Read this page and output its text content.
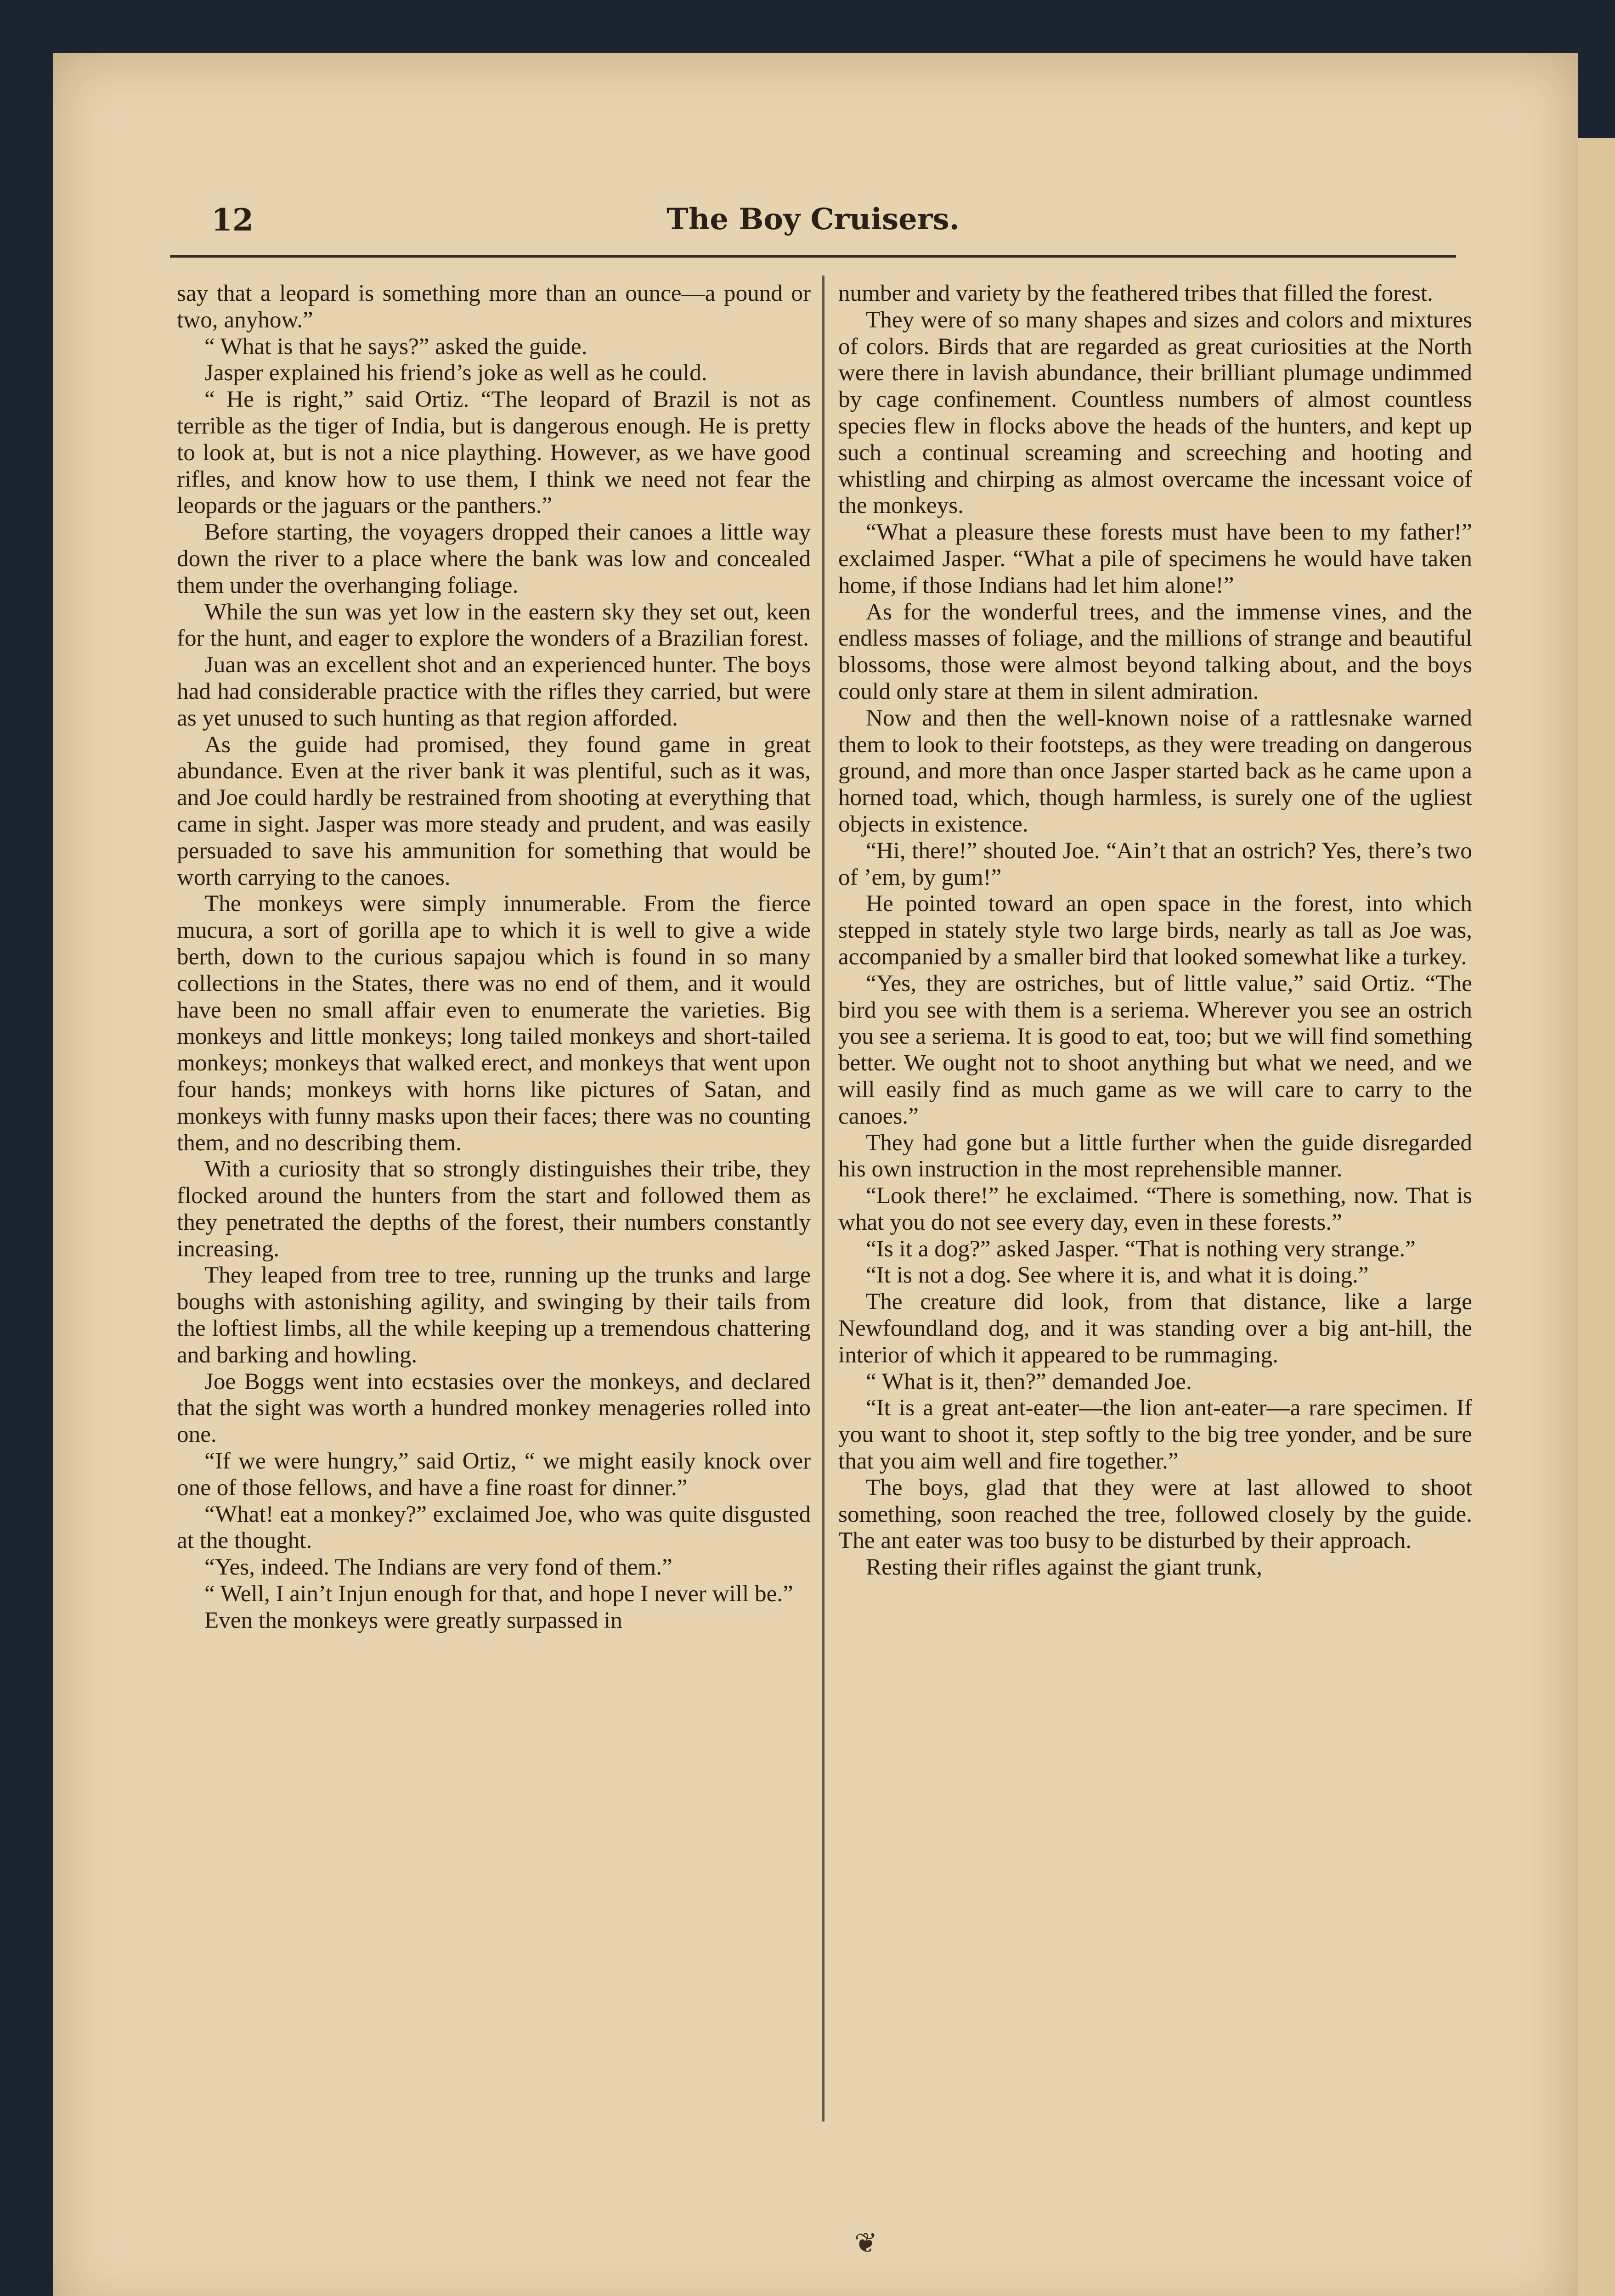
12	The Boy Cruisers.

say that a leopard is something more than an ounce—a pound or two, anyhow.”

“ What is that he says?” asked the guide.

Jasper explained his friend’s joke as well as he could.

“ He is right,” said Ortiz. “The leopard of Brazil is not as terrible as the tiger of India, but is dangerous enough. He is pretty to look at, but is not a nice plaything. However, as we have good rifles, and know how to use them, I think we need not fear the leopards or the jaguars or the panthers.”

Before starting, the voyagers dropped their canoes a little way down the river to a place where the bank was low and concealed them under the overhanging foliage.

While the sun was yet low in the eastern sky they set out, keen for the hunt, and eager to explore the wonders of a Brazilian forest.

Juan was an excellent shot and an experienced hunter. The boys had had considerable practice with the rifles they carried, but were as yet unused to such hunting as that region afforded.

As the guide had promised, they found game in great abundance. Even at the river bank it was plentiful, such as it was, and Joe could hardly be restrained from shooting at everything that came in sight. Jasper was more steady and prudent, and was easily persuaded to save his ammunition for something that would be worth carrying to the canoes.

The monkeys were simply innumerable. From the fierce mucura, a sort of gorilla ape to which it is well to give a wide berth, down to the curious sapajou which is found in so many collections in the States, there was no end of them, and it would have been no small affair even to enumerate the varieties. Big monkeys and little monkeys; long tailed monkeys and short-tailed monkeys; monkeys that walked erect, and monkeys that went upon four hands; monkeys with horns like pictures of Satan, and monkeys with funny masks upon their faces; there was no counting them, and no describing them.

With a curiosity that so strongly distinguishes their tribe, they flocked around the hunters from the start and followed them as they penetrated the depths of the forest, their numbers constantly increasing.

They leaped from tree to tree, running up the trunks and large boughs with astonishing agility, and swinging by their tails from the loftiest limbs, all the while keeping up a tremendous chattering and barking and howling.

Joe Boggs went into ecstasies over the monkeys, and declared that the sight was worth a hundred monkey menageries rolled into one.

“If we were hungry,” said Ortiz, “ we might easily knock over one of those fellows, and have a fine roast for dinner.”

“What! eat a monkey?” exclaimed Joe, who was quite disgusted at the thought.

“Yes, indeed. The Indians are very fond of them.”

“ Well, I ain’t Injun enough for that, and hope I never will be.”

Even the monkeys were greatly surpassed in

number and variety by the feathered tribes that filled the forest.

They were of so many shapes and sizes and colors and mixtures of colors. Birds that are regarded as great curiosities at the North were there in lavish abundance, their brilliant plumage undimmed by cage confinement. Countless numbers of almost countless species flew in flocks above the heads of the hunters, and kept up such a continual screaming and screeching and hooting and whistling and chirping as almost overcame the incessant voice of the monkeys.

“What a pleasure these forests must have been to my father!” exclaimed Jasper. “What a pile of specimens he would have taken home, if those Indians had let him alone!”

As for the wonderful trees, and the immense vines, and the endless masses of foliage, and the millions of strange and beautiful blossoms, those were almost beyond talking about, and the boys could only stare at them in silent admiration.

Now and then the well-known noise of a rattlesnake warned them to look to their footsteps, as they were treading on dangerous ground, and more than once Jasper started back as he came upon a horned toad, which, though harmless, is surely one of the ugliest objects in existence.

“Hi, there!” shouted Joe. “Ain’t that an ostrich? Yes, there’s two of ’em, by gum!”

He pointed toward an open space in the forest, into which stepped in stately style two large birds, nearly as tall as Joe was, accompanied by a smaller bird that looked somewhat like a turkey.

“Yes, they are ostriches, but of little value,” said Ortiz. “The bird you see with them is a seriema. Wherever you see an ostrich you see a seriema. It is good to eat, too; but we will find something better. We ought not to shoot anything but what we need, and we will easily find as much game as we will care to carry to the canoes.”

They had gone but a little further when the guide disregarded his own instruction in the most reprehensible manner.

“Look there!” he exclaimed. “There is something, now. That is what you do not see every day, even in these forests.”

“Is it a dog?” asked Jasper. “That is nothing very strange.”

“It is not a dog. See where it is, and what it is doing.”

The creature did look, from that distance, like a large Newfoundland dog, and it was standing over a big ant-hill, the interior of which it appeared to be rummaging.

“ What is it, then?” demanded Joe.

“It is a great ant-eater—the lion ant-eater—a rare specimen. If you want to shoot it, step softly to the big tree yonder, and be sure that you aim well and fire together.”

The boys, glad that they were at last allowed to shoot something, soon reached the tree, followed closely by the guide. The ant eater was too busy to be disturbed by their approach.

Resting their rifles against the giant trunk,

❦
